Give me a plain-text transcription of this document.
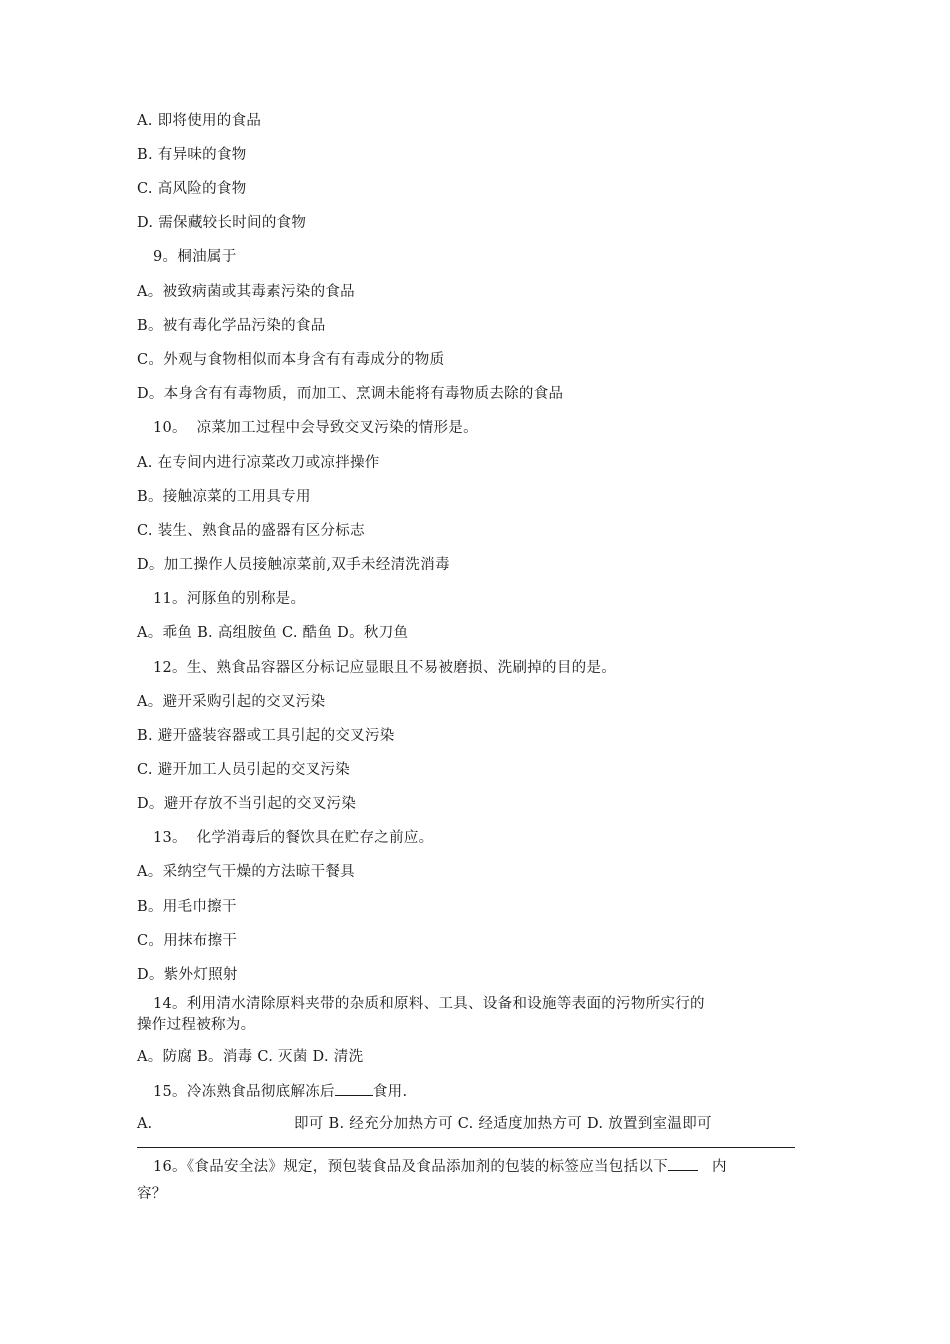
A. 即将使用的食品
B. 有异味的食物
C. 高风险的食物
D. 需保藏较长时间的食物
9。桐油属于
A。被致病菌或其毒素污染的食品
B。被有毒化学品污染的食品
C。外观与食物相似而本身含有有毒成分的物质
D。本身含有有毒物质，而加工、烹调未能将有毒物质去除的食品
10。  凉菜加工过程中会导致交叉污染的情形是。
A. 在专间内进行凉菜改刀或凉拌操作
B。接触凉菜的工用具专用
C. 装生、熟食品的盛器有区分标志
D。加工操作人员接触凉菜前,双手未经清洗消毒
11。河豚鱼的别称是。
A。乖鱼 B. 高组胺鱼 C. 酷鱼 D。秋刀鱼
12。生、熟食品容器区分标记应显眼且不易被磨损、洗刷掉的目的是。
A。避开采购引起的交叉污染
B. 避开盛装容器或工具引起的交叉污染
C. 避开加工人员引起的交叉污染
D。避开存放不当引起的交叉污染
13。  化学消毒后的餐饮具在贮存之前应。
A。采纳空气干燥的方法晾干餐具
B。用毛巾擦干
C。用抹布擦干
D。紫外灯照射
14。利用清水清除原料夹带的杂质和原料、工具、设备和设施等表面的污物所实行的
操作过程被称为。
A。防腐 B。消毒 C. 灭菌 D. 清洗
15。冷冻熟食品彻底解冻后	食用.
A.	即可 B. 经充分加热方可 C. 经适度加热方可 D. 放置到室温即可
16。《食品安全法》规定，预包装食品及食品添加剂的包装的标签应当包括以下	内
容？
